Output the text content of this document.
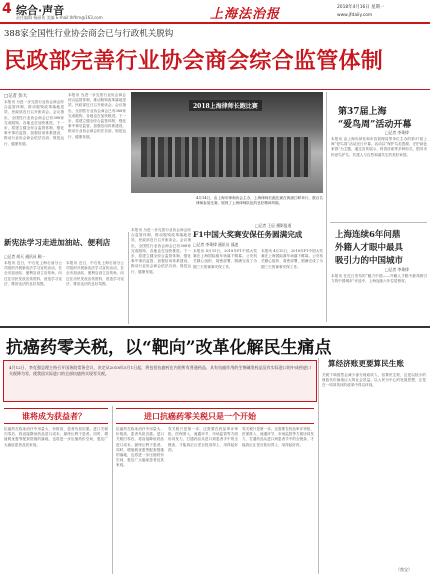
4 综合·声音
责任编辑 杨丽英 美编 E-mail:lhfhm@163.com	上海法治报	2018年4月16日 星期一
www.jfdaily.com
388家全国性行业协会商会已与行政机关脱钩
民政部完善行业协会商会综合监管体制
□记者 彭大
本报讯 为进一步完善行业协会商会综合监管体制，推动脱钩改革落地见效，民政部近日召开座谈会。会议指出，全国性行业协会商会已有388家完成脱钩，各地也在加快推进。下一步，将建立健全综合监管体制，强化事中事后监管，加强信用体系建设，推动行业协会商会依法自治、规范运行、健康发展。
本报讯 为进一步完善行业协会商会综合监管体制，推动脱钩改革落地见效，民政部近日召开座谈会。会议指出，全国性行业协会商会已有388家完成脱钩，各地也在加快推进。下一步，将建立健全综合监管体制，强化事中事后监管，加强信用体系建设，推动行业协会商会依法自治、规范运行、健康发展。
2018上海律师长跑比赛
4月14日，由上海市律师协会主办，上海律师长跑比赛在黄浦江畔举行，数百名律师参加比赛，展现了上海律师队伍的良好精神风貌。
□记者 王辰 摄影报道
第37届上海
“爱鸟周”活动开幕
□记者 李秉律
本报讯 由上海市绿化和市容管理局等单位主办的第37届上海“爱鸟周”活动近日开幕。活动以“保护鸟类资源，守护绿色家园”为主题，通过宣传展示、科普讲座等多种形式，倡导市民爱鸟护鸟，共建人与自然和谐共生的美好家园。
上海连续6年问鼎
外籍人才眼中最具
吸引力的中国城市
□记者 李秉律
本报讯 在近日发布的“魅力中国——外籍人才眼中最具吸引力的中国城市”评选中，上海连续六年位居榜首。
新宪法学习走进加油站、便利店
□记者 胡天 通讯员 顾一
本报讯 近日，中石化上海石油分公司组织开展新宪法学习宣传活动，在全市加油站、便利店设立宣传角，向过往市民发放宣传资料，营造学习宪法、尊崇宪法的良好氛围。
本报讯 近日，中石化上海石油分公司组织开展新宪法学习宣传活动，在全市加油站、便利店设立宣传角，向过往市民发放宣传资料，营造学习宪法、尊崇宪法的良好氛围。
本报讯 为进一步完善行业协会商会综合监管体制，推动脱钩改革落地见效，民政部近日召开座谈会。会议指出，全国性行业协会商会已有388家完成脱钩，各地也在加快推进。下一步，将建立健全综合监管体制，强化事中事后监管，加强信用体系建设，推动行业协会商会依法自治、规范运行、健康发展。
F1中国大奖赛安保任务圆满完成
□记者 李秉律 通讯员 邵凌
本报讯 4月15日，2018年F1中国大奖赛在上海国际赛车场落下帷幕。公安机关精心组织、周密部署，圆满完成了为期三天的赛事安保工作。
本报讯 4月15日，2018年F1中国大奖赛在上海国际赛车场落下帷幕。公安机关精心组织、周密部署，圆满完成了为期三天的赛事安保工作。
抗癌药零关税，以“靶向”改革化解民生痛点
4月12日，李克强总理主持召开国务院常务会议，决定从2018年5月1日起，将包括抗癌药在内的所有普通药品、具有抗癌作用的生物碱类药品及有实际进口的中成药进口关税降为零，使我国实际进口的全部抗癌药实现零关税。
谁将成为获益者？
抗癌药在临床治疗中用量大、价格高，患者负担沉重。进口关税归零后，将直接降低药品进口成本，最终让利于患者。同时，增值税优惠等配套措施的落地，也将进一步压缩药价空间，惠及广大癌症患者及其家庭。
抗癌药在临床治疗中用量大、价格高，患者负担沉重。进口关税归零后，将直接降低药品进口成本，最终让利于患者。同时，增值税优惠等配套措施的落地，也将进一步压缩药价空间，惠及广大癌症患者及其家庭。
进口抗癌药零关税只是一个开始
零关税只是第一步。还需要在药品审评审批、医保准入、流通环节、市场监管等方面协同发力，打通药品从进口到患者手中的全链条，才能真正让老百姓用得上、用得起好药。
零关税只是第一步。还需要在药品审评审批、医保准入、流通环节、市场监管等方面协同发力，打通药品从进口到患者手中的全链条，才能真正让老百姓用得上、用得起好药。
算经济账更要算民生账
关税下调固然会减少部分财政收入，但算民生账，这是以较小的财政代价换取巨大的社会效益。以人民为中心的发展思想，正是在一项项具体的改革中得以体现。
（焦宝）
